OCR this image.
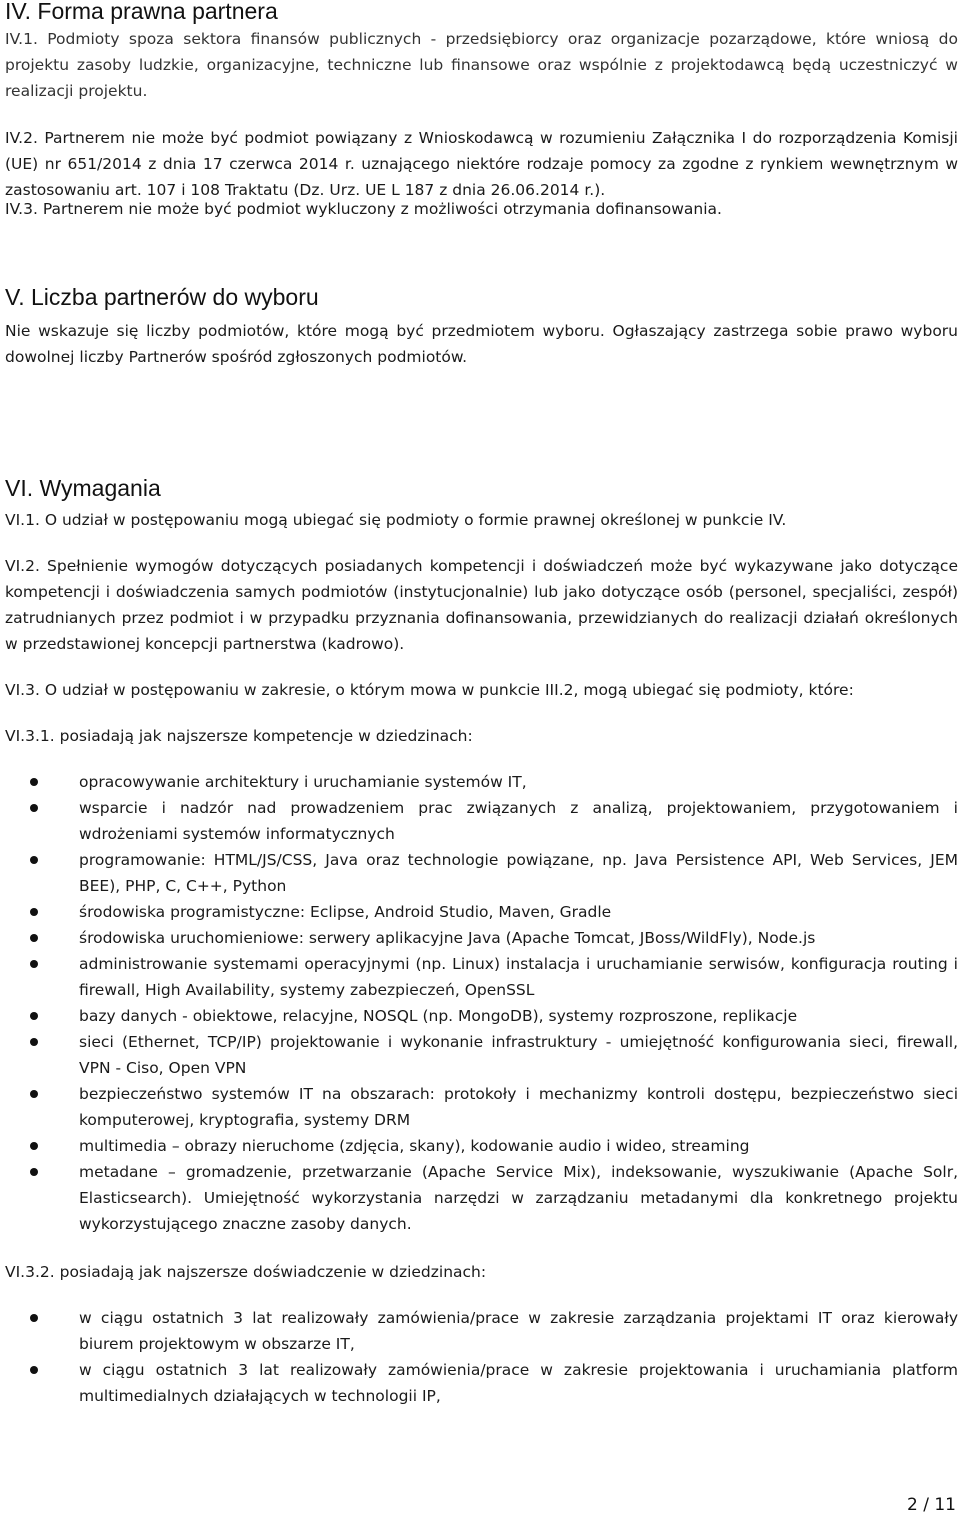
IV. Forma prawna partnera

IV.1. Podmioty spoza sektora finansów publicznych - przedsiębiorcy oraz organizacje pozarządowe, które wniosą do projektu zasoby ludzkie, organizacyjne, techniczne lub finansowe oraz wspólnie z projektodawcą będą uczestniczyć w realizacji projektu.

IV.2. Partnerem nie może być podmiot powiązany z Wnioskodawcą w rozumieniu Załącznika I do rozporządzenia Komisji (UE) nr 651/2014 z dnia 17 czerwca 2014 r. uznającego niektóre rodzaje pomocy za zgodne z rynkiem wewnętrznym w zastosowaniu art. 107 i 108 Traktatu (Dz. Urz. UE L 187 z dnia 26.06.2014 r.).

IV.3. Partnerem nie może być podmiot wykluczony z możliwości otrzymania dofinansowania.

V. Liczba partnerów do wyboru

Nie wskazuje się liczby podmiotów, które mogą być przedmiotem wyboru. Ogłaszający zastrzega sobie prawo wyboru dowolnej liczby Partnerów spośród zgłoszonych podmiotów.

VI. Wymagania

VI.1. O udział w postępowaniu mogą ubiegać się podmioty o formie prawnej określonej w punkcie IV.

VI.2. Spełnienie wymogów dotyczących posiadanych kompetencji i doświadczeń może być wykazywane jako dotyczące kompetencji i doświadczenia samych podmiotów (instytucjonalnie) lub jako dotyczące osób (personel, specjaliści, zespół) zatrudnianych przez podmiot i w przypadku przyznania dofinansowania, przewidzianych do realizacji działań określonych w przedstawionej koncepcji partnerstwa (kadrowo).

VI.3. O udział w postępowaniu w zakresie, o którym mowa w punkcie III.2, mogą ubiegać się podmioty, które:

VI.3.1. posiadają jak najszersze kompetencje w dziedzinach:

opracowywanie architektury i uruchamianie systemów IT,
wsparcie i nadzór nad prowadzeniem prac związanych z analizą, projektowaniem, przygotowaniem i wdrożeniami systemów informatycznych
programowanie: HTML/JS/CSS, Java oraz technologie powiązane, np. Java Persistence API, Web Services, JEM BEE), PHP, C, C++, Python
środowiska programistyczne: Eclipse, Android Studio, Maven, Gradle
środowiska uruchomieniowe: serwery aplikacyjne Java (Apache Tomcat, JBoss/WildFly), Node.js
administrowanie systemami operacyjnymi (np. Linux) instalacja i uruchamianie serwisów, konfiguracja routing i firewall, High Availability, systemy zabezpieczeń, OpenSSL
bazy danych - obiektowe, relacyjne, NOSQL (np. MongoDB), systemy rozproszone, replikacje
sieci (Ethernet, TCP/IP) projektowanie i wykonanie infrastruktury - umiejętność konfigurowania sieci, firewall, VPN - Ciso, Open VPN
bezpieczeństwo systemów IT na obszarach: protokoły i mechanizmy kontroli dostępu, bezpieczeństwo sieci komputerowej, kryptografia, systemy DRM
multimedia – obrazy nieruchome (zdjęcia, skany), kodowanie audio i wideo, streaming
metadane – gromadzenie, przetwarzanie (Apache Service Mix), indeksowanie, wyszukiwanie (Apache Solr, Elasticsearch). Umiejętność wykorzystania narzędzi w zarządzaniu metadanymi dla konkretnego projektu wykorzystującego znaczne zasoby danych.

VI.3.2. posiadają jak najszersze doświadczenie w dziedzinach:

w ciągu ostatnich 3 lat realizowały zamówienia/prace w zakresie zarządzania projektami IT oraz kierowały biurem projektowym w obszarze IT,
w ciągu ostatnich 3 lat realizowały zamówienia/prace w zakresie projektowania i uruchamiania platform multimedialnych działających w technologii IP,
2 / 11
